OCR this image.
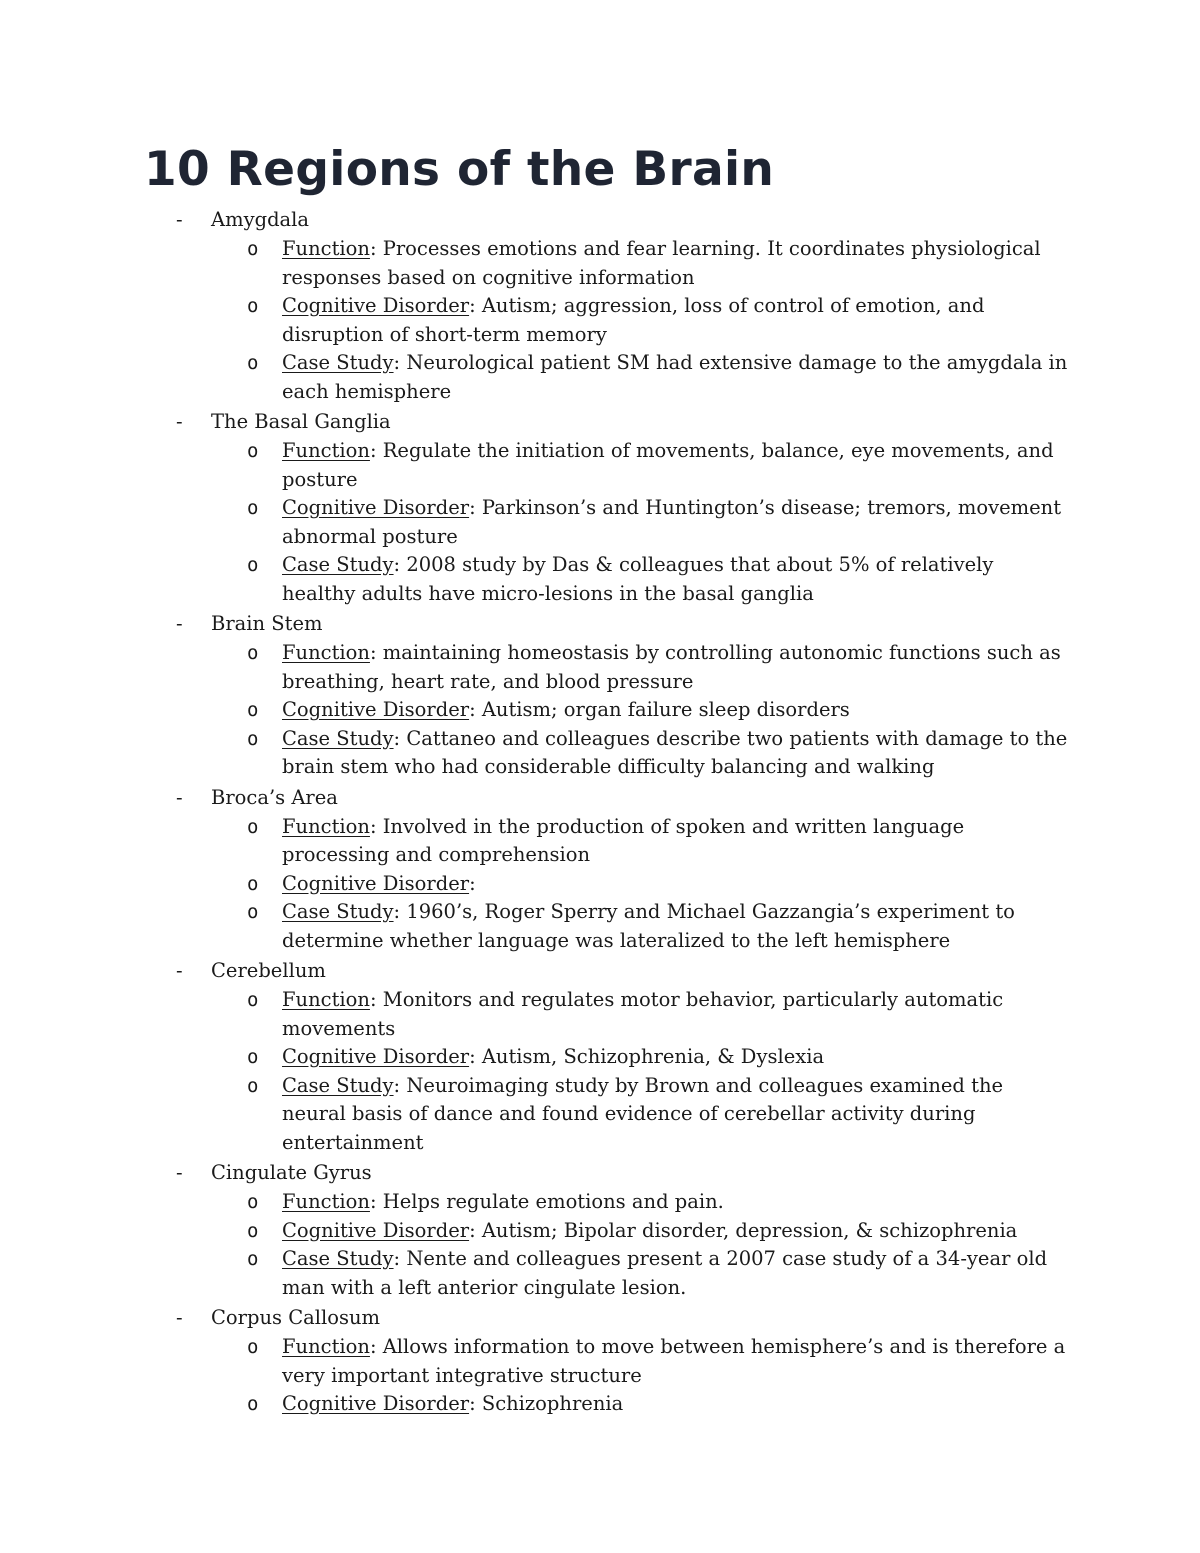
10 Regions of the Brain
- Amygdala
o Function: Processes emotions and fear learning. It coordinates physiological responses based on cognitive information
o Cognitive Disorder: Autism; aggression, loss of control of emotion, and disruption of short-term memory
o Case Study: Neurological patient SM had extensive damage to the amygdala in each hemisphere
- The Basal Ganglia
o Function: Regulate the initiation of movements, balance, eye movements, and posture
o Cognitive Disorder: Parkinson’s and Huntington’s disease; tremors, movement abnormal posture
o Case Study: 2008 study by Das & colleagues that about 5% of relatively healthy adults have micro-lesions in the basal ganglia
- Brain Stem
o Function: maintaining homeostasis by controlling autonomic functions such as breathing, heart rate, and blood pressure
o Cognitive Disorder: Autism; organ failure sleep disorders
o Case Study: Cattaneo and colleagues describe two patients with damage to the brain stem who had considerable difficulty balancing and walking
- Broca’s Area
o Function: Involved in the production of spoken and written language processing and comprehension
o Cognitive Disorder:
o Case Study: 1960’s, Roger Sperry and Michael Gazzangia’s experiment to determine whether language was lateralized to the left hemisphere
- Cerebellum
o Function: Monitors and regulates motor behavior, particularly automatic movements
o Cognitive Disorder: Autism, Schizophrenia, & Dyslexia
o Case Study: Neuroimaging study by Brown and colleagues examined the neural basis of dance and found evidence of cerebellar activity during entertainment
- Cingulate Gyrus
o Function: Helps regulate emotions and pain.
o Cognitive Disorder: Autism; Bipolar disorder, depression, & schizophrenia
o Case Study: Nente and colleagues present a 2007 case study of a 34-year old man with a left anterior cingulate lesion.
- Corpus Callosum
o Function: Allows information to move between hemisphere’s and is therefore a very important integrative structure
o Cognitive Disorder: Schizophrenia
